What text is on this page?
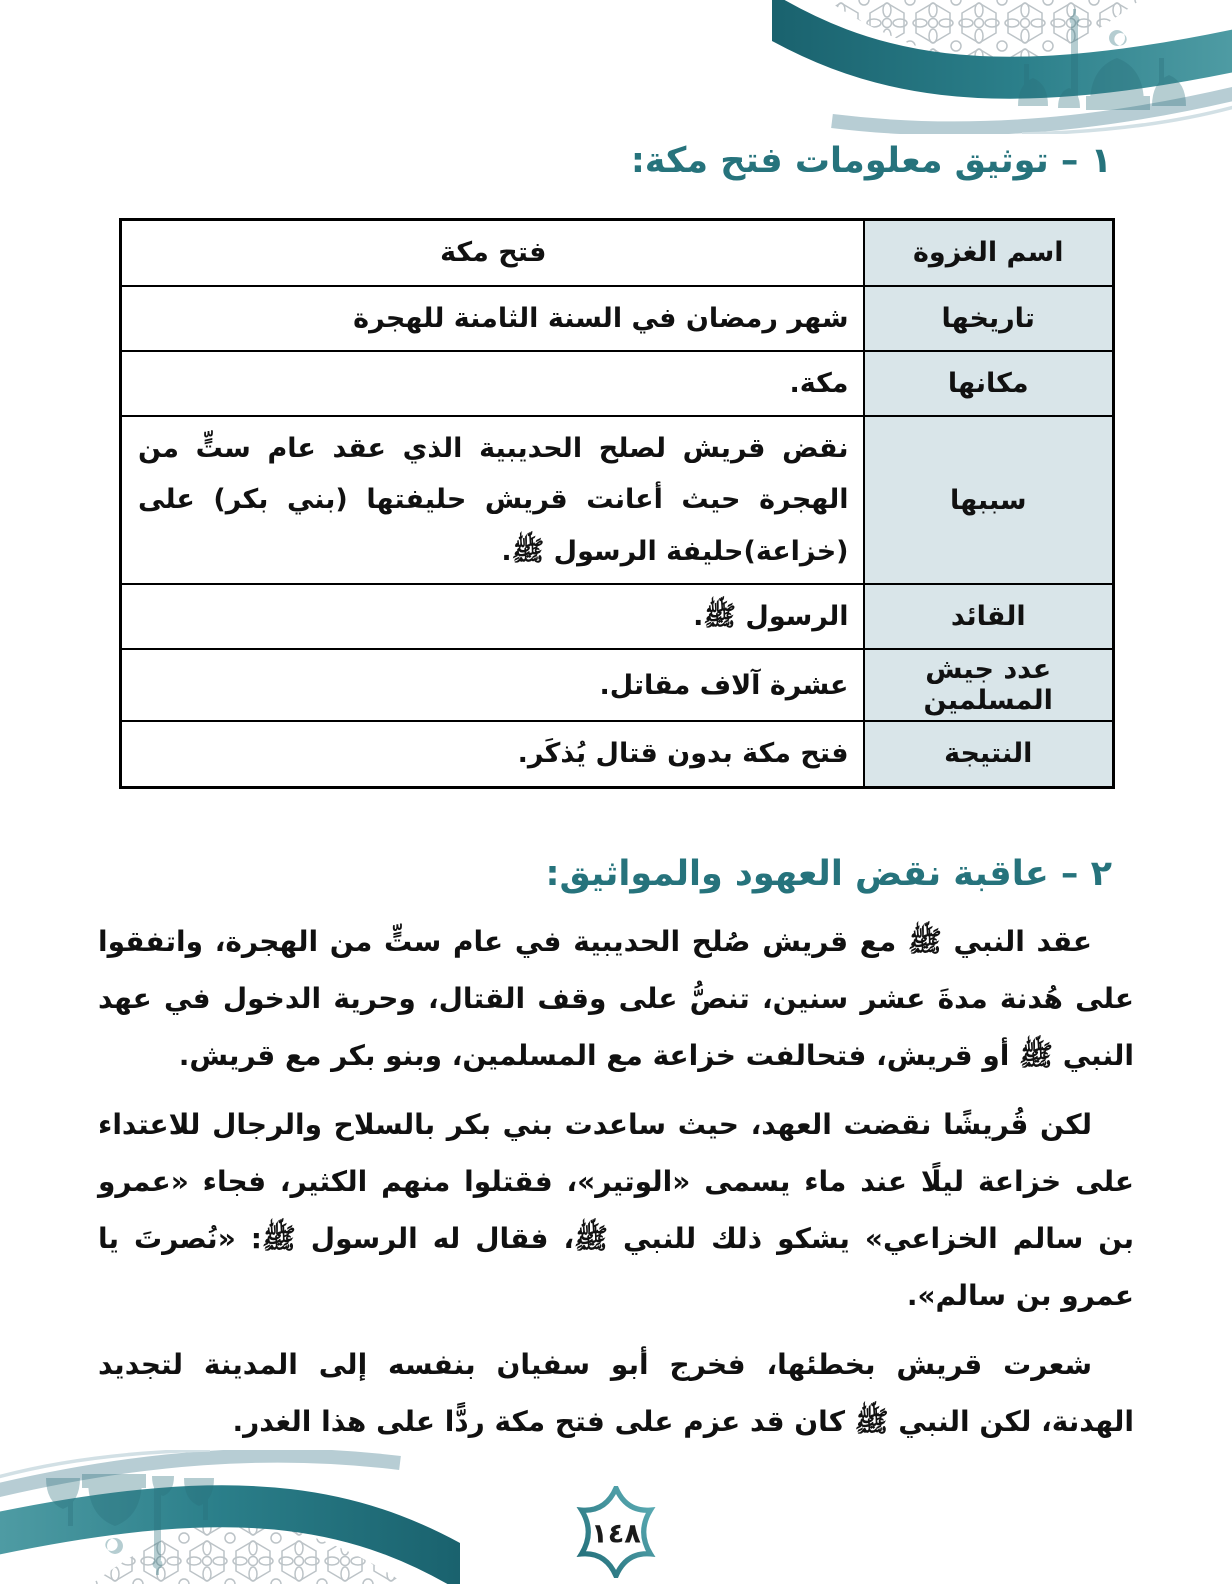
١ – توثيق معلومات فتح مكة:
اسم الغزوة	فتح مكة
تاريخها	شهر رمضان في السنة الثامنة للهجرة
مكانها	مكة.
سببها	نقض قريش لصلح الحديبية الذي عقد عام ستٍّ من الهجرة حيث أعانت قريش حليفتها (بني بكر) على (خزاعة)حليفة الرسول ﷺ.
القائد	الرسول ﷺ.
عدد جيش المسلمين	عشرة آلاف مقاتل.
النتيجة	فتح مكة بدون قتال يُذكَر.
٢ – عاقبة نقض العهود والمواثيق:

عقد النبي ﷺ مع قريش صُلح الحديبية في عام ستٍّ من الهجرة، واتفقوا على هُدنة مدةَ عشر سنين، تنصُّ على وقف القتال، وحرية الدخول في عهد النبي ﷺ أو قريش، فتحالفت خزاعة مع المسلمين، وبنو بكر مع قريش.

لكن قُريشًا نقضت العهد، حيث ساعدت بني بكر بالسلاح والرجال للاعتداء على خزاعة ليلًا عند ماء يسمى «الوتير»، فقتلوا منهم الكثير، فجاء «عمرو بن سالم الخزاعي» يشكو ذلك للنبي ﷺ، فقال له الرسول ﷺ: «نُصرتَ يا عمرو بن سالم».

شعرت قريش بخطئها، فخرج أبو سفيان بنفسه إلى المدينة لتجديد الهدنة، لكن النبي ﷺ كان قد عزم على فتح مكة ردًّا على هذا الغدر.

١٤٨
